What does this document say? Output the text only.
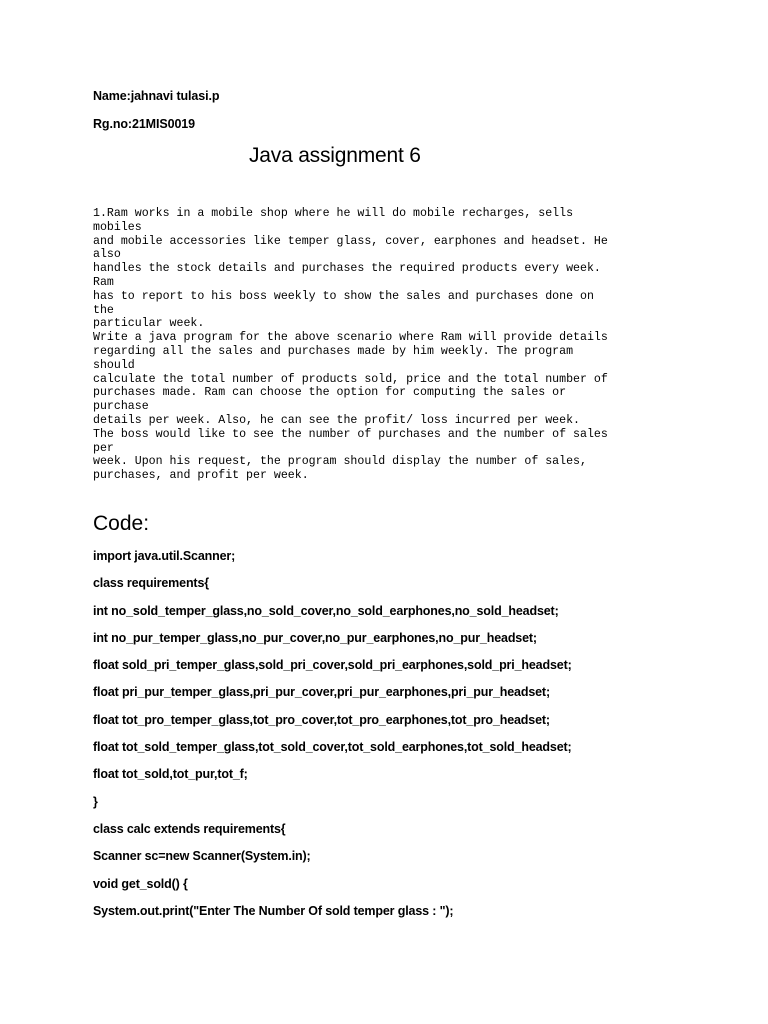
Name:jahnavi tulasi.p
Rg.no:21MIS0019
Java assignment 6
1.Ram works in a mobile shop where he will do mobile recharges, sells
mobiles
and mobile accessories like temper glass, cover, earphones and headset. He
also
handles the stock details and purchases the required products every week.
Ram
has to report to his boss weekly to show the sales and purchases done on
the
particular week.
Write a java program for the above scenario where Ram will provide details
regarding all the sales and purchases made by him weekly. The program
should
calculate the total number of products sold, price and the total number of
purchases made. Ram can choose the option for computing the sales or
purchase
details per week. Also, he can see the profit/ loss incurred per week.
The boss would like to see the number of purchases and the number of sales
per
week. Upon his request, the program should display the number of sales,
purchases, and profit per week.
Code:
import java.util.Scanner;
class requirements{
int no_sold_temper_glass,no_sold_cover,no_sold_earphones,no_sold_headset;
int no_pur_temper_glass,no_pur_cover,no_pur_earphones,no_pur_headset;
float sold_pri_temper_glass,sold_pri_cover,sold_pri_earphones,sold_pri_headset;
float pri_pur_temper_glass,pri_pur_cover,pri_pur_earphones,pri_pur_headset;
float tot_pro_temper_glass,tot_pro_cover,tot_pro_earphones,tot_pro_headset;
float tot_sold_temper_glass,tot_sold_cover,tot_sold_earphones,tot_sold_headset;
float tot_sold,tot_pur,tot_f;
}
class calc extends requirements{
Scanner sc=new Scanner(System.in);
void get_sold() {
System.out.print("Enter The Number Of sold temper glass : ");
